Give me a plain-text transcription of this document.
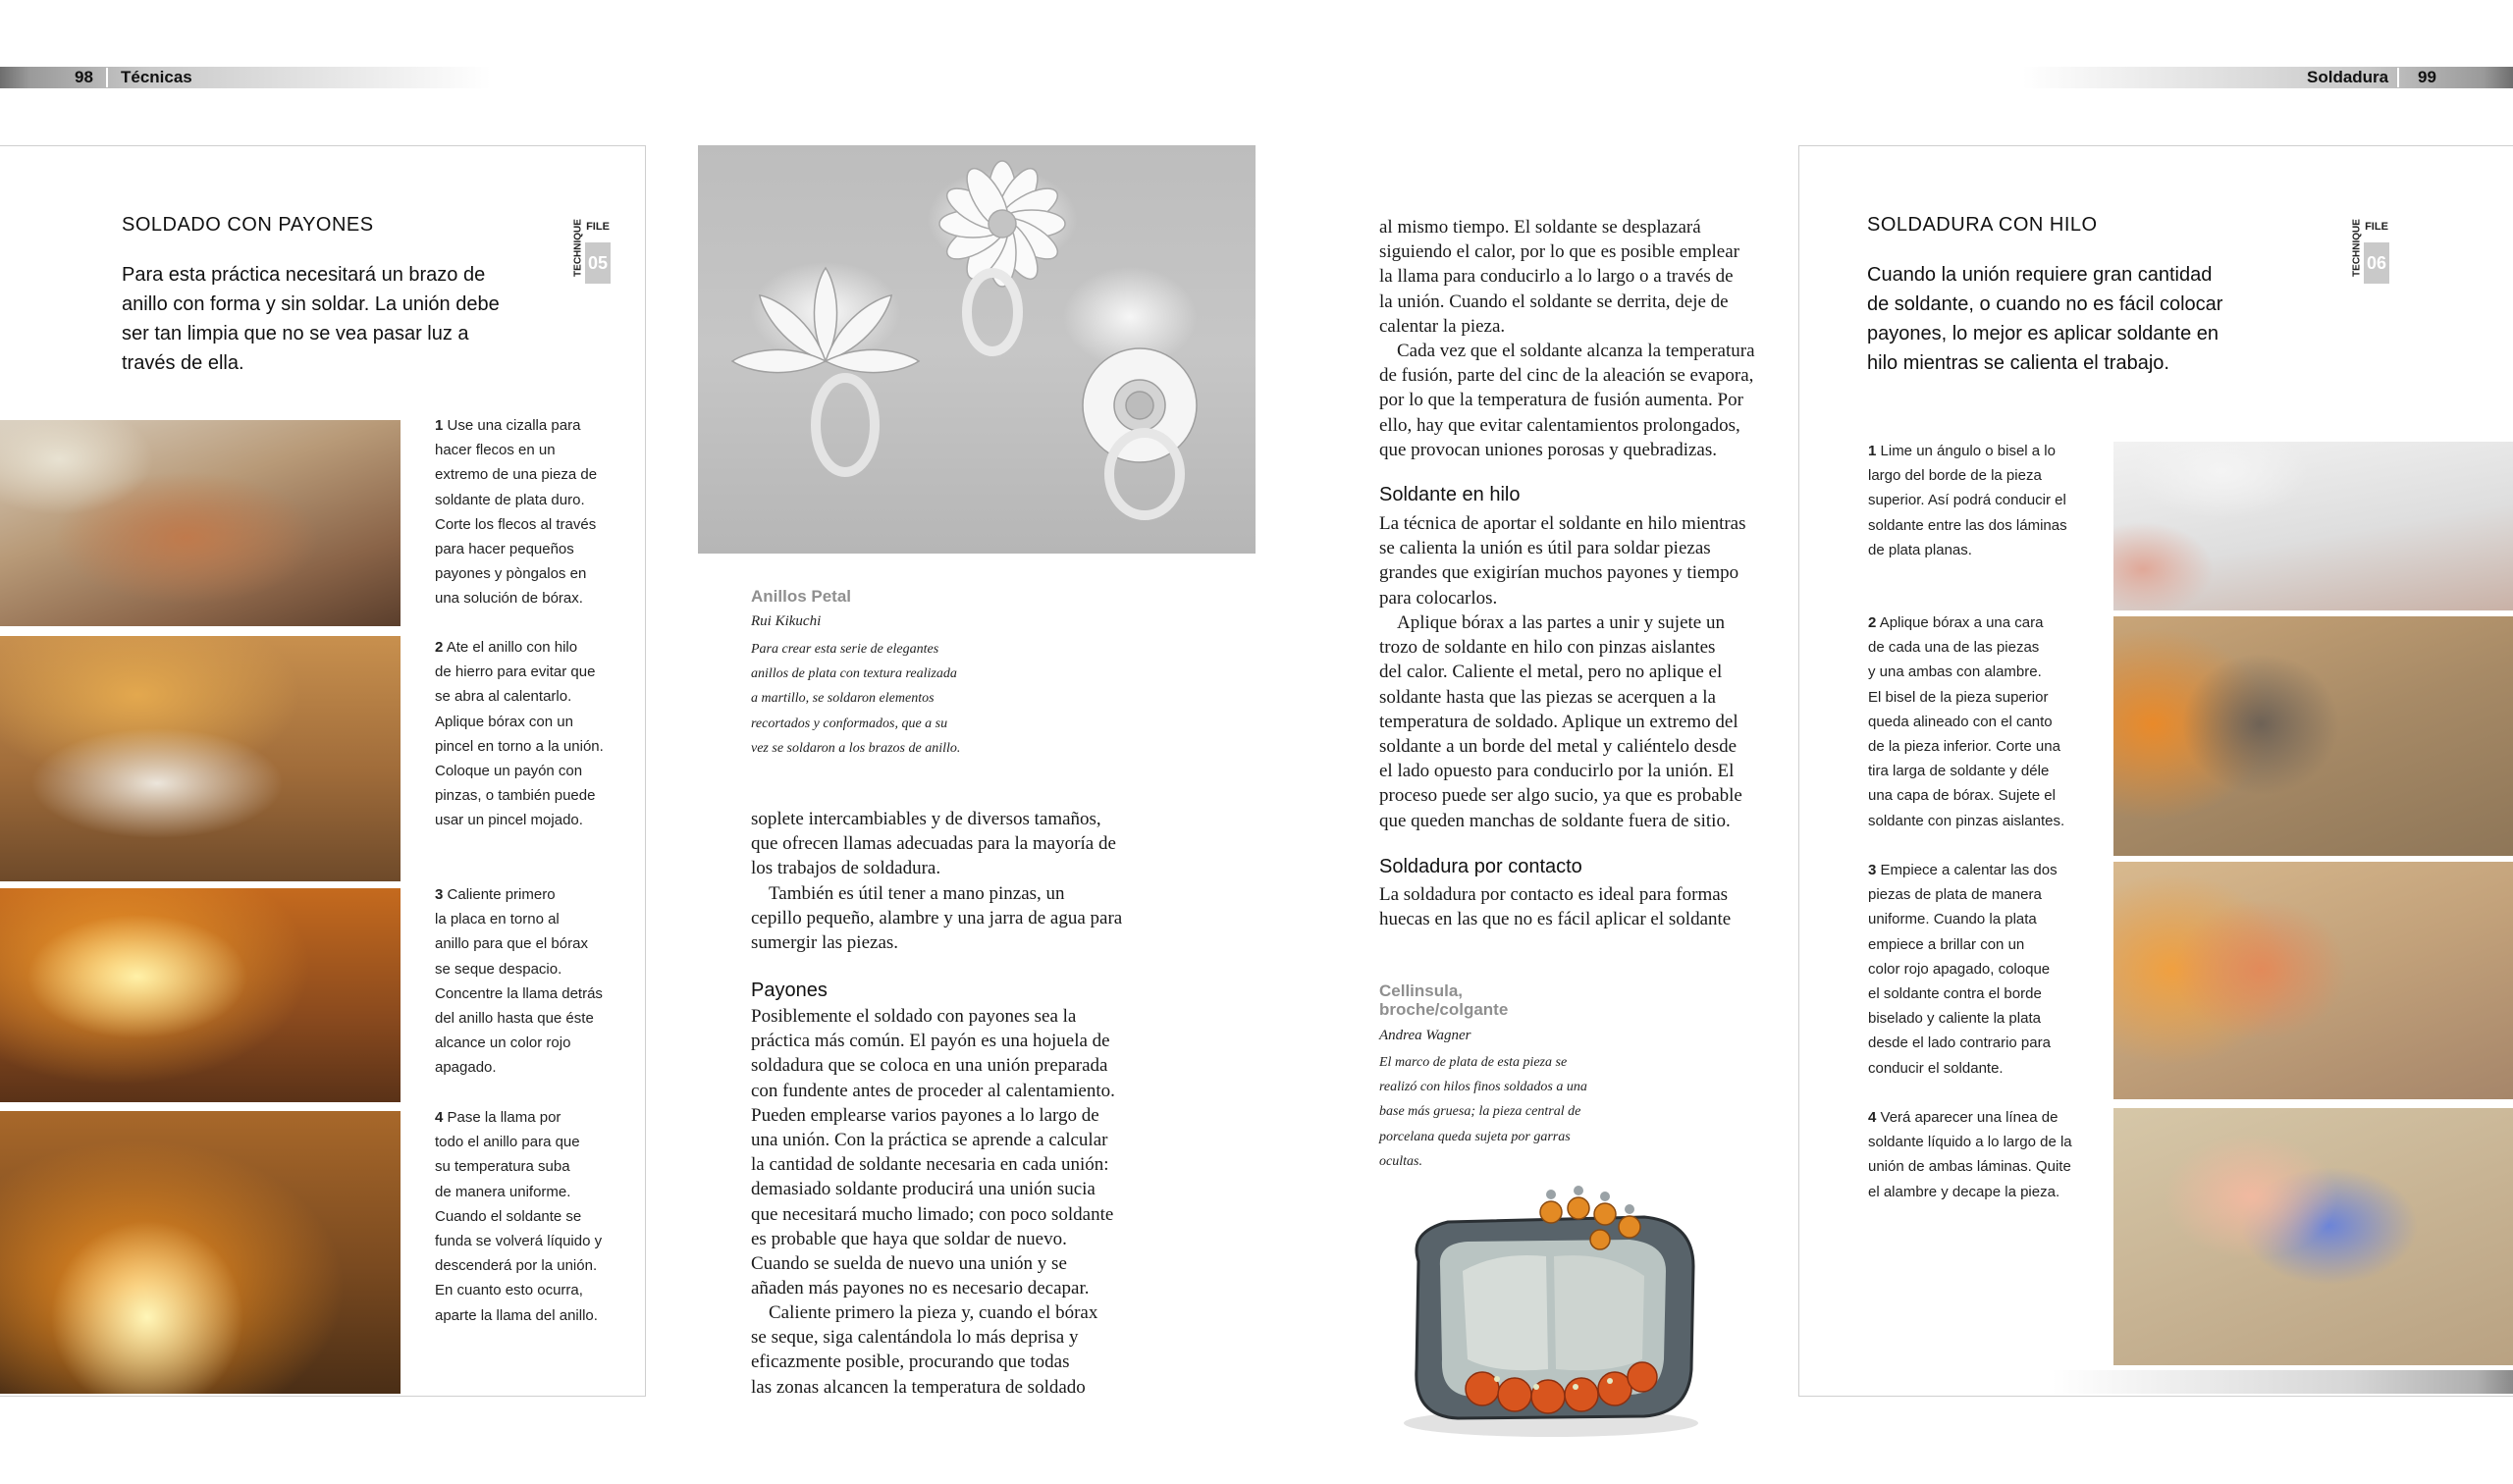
98 Técnicas	Soldadura 99
SOLDADO CON PAYONES	TECHNIQUE FILE
05
Para esta práctica necesitará un brazo de
anillo con forma y sin soldar. La unión debe
ser tan limpia que no se vea pasar luz a
través de ella.
1 Use una cizalla para
hacer flecos en un
extremo de una pieza de
soldante de plata duro.
Corte los flecos al través
para hacer pequeños
payones y pòngalos en
una solución de bórax.
2 Ate el anillo con hilo
de hierro para evitar que
se abra al calentarlo.
Aplique bórax con un
pincel en torno a la unión.
Coloque un payón con
pinzas, o también puede
usar un pincel mojado.
3 Caliente primero
la placa en torno al
anillo para que el bórax
se seque despacio.
Concentre la llama detrás
del anillo hasta que éste
alcance un color rojo
apagado.
4 Pase la llama por
todo el anillo para que
su temperatura suba
de manera uniforme.
Cuando el soldante se
funda se volverá líquido y
descenderá por la unión.
En cuanto esto ocurra,
aparte la llama del anillo.
Anillos Petal
Rui Kikuchi
Para crear esta serie de elegantes
anillos de plata con textura realizada
a martillo, se soldaron elementos
recortados y conformados, que a su
vez se soldaron a los brazos de anillo.
soplete intercambiables y de diversos tamaños,
que ofrecen llamas adecuadas para la mayoría de
los trabajos de soldadura.
También es útil tener a mano pinzas, un
cepillo pequeño, alambre y una jarra de agua para
sumergir las piezas.
Payones
Posiblemente el soldado con payones sea la
práctica más común. El payón es una hojuela de
soldadura que se coloca en una unión preparada
con fundente antes de proceder al calentamiento.
Pueden emplearse varios payones a lo largo de
una unión. Con la práctica se aprende a calcular
la cantidad de soldante necesaria en cada unión:
demasiado soldante producirá una unión sucia
que necesitará mucho limado; con poco soldante
es probable que haya que soldar de nuevo.
Cuando se suelda de nuevo una unión y se
añaden más payones no es necesario decapar.
Caliente primero la pieza y, cuando el bórax
se seque, siga calentándola lo más deprisa y
eficazmente posible, procurando que todas
las zonas alcancen la temperatura de soldado
al mismo tiempo. El soldante se desplazará
siguiendo el calor, por lo que es posible emplear
la llama para conducirlo a lo largo o a través de
la unión. Cuando el soldante se derrita, deje de
calentar la pieza.
Cada vez que el soldante alcanza la temperatura
de fusión, parte del cinc de la aleación se evapora,
por lo que la temperatura de fusión aumenta. Por
ello, hay que evitar calentamientos prolongados,
que provocan uniones porosas y quebradizas.
Soldante en hilo
La técnica de aportar el soldante en hilo mientras
se calienta la unión es útil para soldar piezas
grandes que exigirían muchos payones y tiempo
para colocarlos.
Aplique bórax a las partes a unir y sujete un
trozo de soldante en hilo con pinzas aislantes
del calor. Caliente el metal, pero no aplique el
soldante hasta que las piezas se acerquen a la
temperatura de soldado. Aplique un extremo del
soldante a un borde del metal y caliéntelo desde
el lado opuesto para conducirlo por la unión. El
proceso puede ser algo sucio, ya que es probable
que queden manchas de soldante fuera de sitio.
Soldadura por contacto
La soldadura por contacto es ideal para formas
huecas en las que no es fácil aplicar el soldante
Cellinsula,
broche/colgante
Andrea Wagner
El marco de plata de esta pieza se
realizó con hilos finos soldados a una
base más gruesa; la pieza central de
porcelana queda sujeta por garras
ocultas.
SOLDADURA CON HILO	TECHNIQUE FILE
06
Cuando la unión requiere gran cantidad
de soldante, o cuando no es fácil colocar
payones, lo mejor es aplicar soldante en
hilo mientras se calienta el trabajo.
1 Lime un ángulo o bisel a lo
largo del borde de la pieza
superior. Así podrá conducir el
soldante entre las dos láminas
de plata planas.
2 Aplique bórax a una cara
de cada una de las piezas
y una ambas con alambre.
El bisel de la pieza superior
queda alineado con el canto
de la pieza inferior. Corte una
tira larga de soldante y déle
una capa de bórax. Sujete el
soldante con pinzas aislantes.
3 Empiece a calentar las dos
piezas de plata de manera
uniforme. Cuando la plata
empiece a brillar con un
color rojo apagado, coloque
el soldante contra el borde
biselado y caliente la plata
desde el lado contrario para
conducir el soldante.
4 Verá aparecer una línea de
soldante líquido a lo largo de la
unión de ambas láminas. Quite
el alambre y decape la pieza.
